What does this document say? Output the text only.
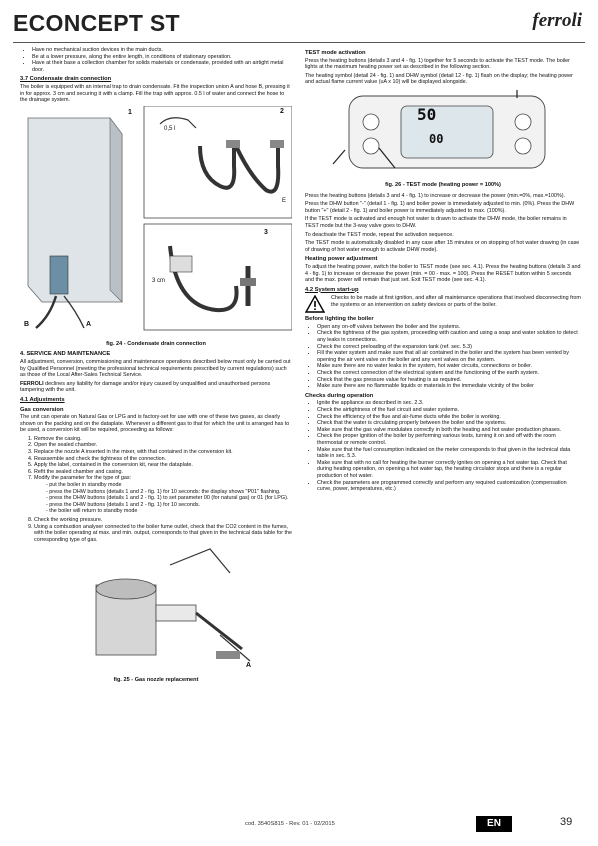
ECONCEPT ST	ferroli
• Have no mechanical suction devices in the main ducts.
• Be at a lower pressure, along the entire length, in conditions of stationary operation.
• Have at their base a collection chamber for solids materials or condensate, provided with an airtight metal door.
3.7 Condensate drain connection

The boiler is equipped with an internal trap to drain condensate. Fit the inspection union A and hose B, pressing it in for approx. 3 cm and securing it with a clamp. Fill the trap with approx. 0.5 l of water and connect the hose to the drainage system.

1	2
3
A
B
E
0,5 l
3 cm
fig. 24 - Condensate drain connection
4. SERVICE AND MAINTENANCE

All adjustment, conversion, commissioning and maintenance operations described below must only be carried out by Qualified Personnel (meeting the professional technical requirements prescribed by current regulations) such as those of the Local After-Sales Technical Service.

FERROLI declines any liability for damage and/or injury caused by unqualified and unauthorised persons tampering with the unit.

4.1 Adjustments
Gas conversion

The unit can operate on Natural Gas or LPG and is factory-set for use with one of these two gases, as clearly shown on the packing and on the dataplate. Whenever a different gas to that for which the unit is arranged has to be used, a conversion kit will be required, proceeding as follows:

1. Remove the casing.
2. Open the sealed chamber.
3. Replace the nozzle A inserted in the mixer, with that contained in the conversion kit.
4. Reassemble and check the tightness of the connection.
5. Apply the label, contained in the conversion kit, near the dataplate.
6. Refit the sealed chamber and casing.
7. Modify the parameter for the type of gas:
- put the boiler in standby mode
- press the DHW buttons (details 1 and 2 - fig. 1) for 10 seconds: the display shows "P01" flashing.
- press the DHW buttons (details 1 and 2 - fig. 1) to set parameter 00 (for natural gas) or 01 (for LPG).
- press the DHW buttons (details 1 and 2 - fig. 1) for 10 seconds.
- the boiler will return to standby mode
8. Check the working pressure.
9. Using a combustion analyser connected to the boiler fume outlet, check that the CO2 content in the fumes, with the boiler operating at max. and min. output, corresponds to that given in the technical data table for the corresponding type of gas.
A
fig. 25 - Gas nozzle replacement
TEST mode activation

Press the heating buttons (details 3 and 4 - fig. 1) together for 5 seconds to activate the TEST mode. The boiler lights at the maximum heating power set as described in the following section.

The heating symbol (detail 24 - fig. 1) and DHW symbol (detail 12 - fig. 1) flash on the display; the heating power and actual flame current value (uA x 10) will be displayed alongside.

50
00
fig. 26 - TEST mode (heating power = 100%)

Press the heating buttons (details 3 and 4 - fig. 1) to increase or decrease the power (min.=0%, max.=100%).

Press the DHW button "-" (detail 1 - fig. 1) and boiler power is immediately adjusted to min. (0%). Press the DHW button "+" (detail 2 - fig. 1) and boiler power is immediately adjusted to max. (100%).

If the TEST mode is activated and enough hot water is drawn to activate the DHW mode, the boiler remains in TEST mode but the 3-way valve goes to DHW.

To deactivate the TEST mode, repeat the activation sequence.

The TEST mode is automatically disabled in any case after 15 minutes or on stopping of hot water drawing (in case of drawing of hot water enough to activate DHW mode).

Heating power adjustment

To adjust the heating power, switch the boiler to TEST mode (see sec. 4.1). Press the heating buttons (details 3 and 4 - fig. 1) to increase or decrease the power (min. = 00 - max. = 100). Press the RESET button within 5 seconds and the max. power will remain that just set. Exit TEST mode (see sec. 4.1).

4.2 System start-up
Checks to be made at first ignition, and after all maintenance operations that involved disconnecting from the systems or an intervention on safety devices or parts of the boiler.
Before lighting the boiler
• Open any on-off valves between the boiler and the systems.
• Check the tightness of the gas system, proceeding with caution and using a soap and water solution to detect any leaks in connections.
• Check the correct preloading of the expansion tank (ref. sec. 5.3)
• Fill the water system and make sure that all air contained in the boiler and the system has been vented by opening the air vent valve on the boiler and any vent valves on the system.
• Make sure there are no water leaks in the system, hot water circuits, connections or boiler.
• Check the correct connection of the electrical system and the functioning of the earth system.
• Check that the gas pressure value for heating is as required.
• Make sure there are no flammable liquids or materials in the immediate vicinity of the boiler
Checks during operation
• Ignite the appliance as described in sec. 2.3.
• Check the airtightness of the fuel circuit and water systems.
• Check the efficiency of the flue and air-fume ducts while the boiler is working.
• Check that the water is circulating properly between the boiler and the systems.
• Make sure that the gas valve modulates correctly in both the heating and hot water production phases.
• Check the proper ignition of the boiler by performing various tests, turning it on and off with the room thermostat or remote control.
• Make sure that the fuel consumption indicated on the meter corresponds to that given in the technical data table in sec. 5.3.
• Make sure that with no call for heating the burner correctly ignites on opening a hot water tap. Check that during heating operation, on opening a hot water tap, the heating circulator stops and there is a regular production of hot water.
• Check the parameters are programmed correctly and perform any required customization (compensation curve, power, temperatures, etc.)
cod. 3540S815 - Rev. 01 - 02/2015	EN	39
